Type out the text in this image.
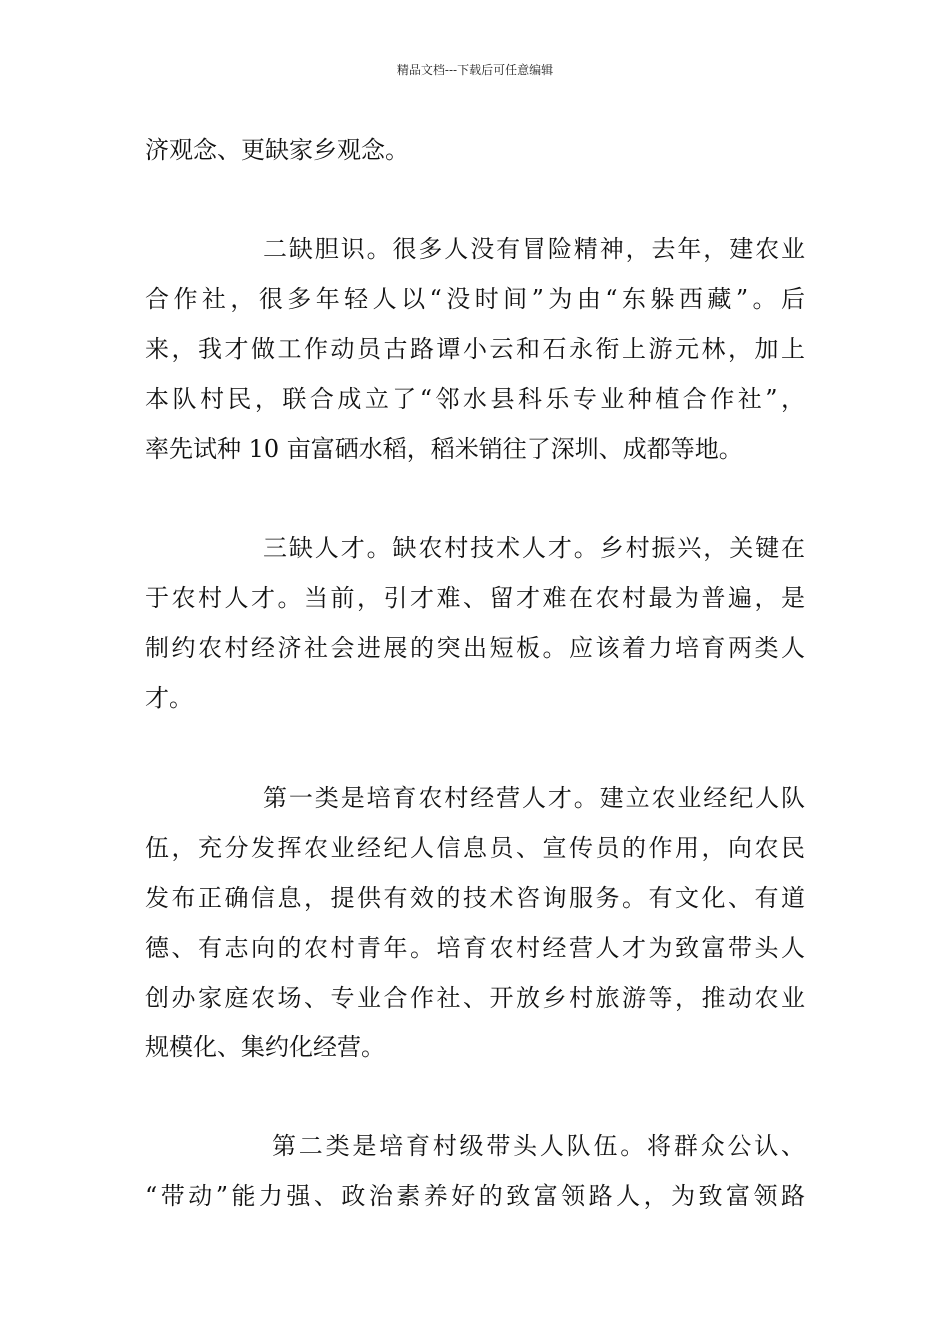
精品文档---下载后可任意编辑
济观念、更缺家乡观念。
二缺胆识。很多人没有冒险精神，去年，建农业
合作社，很多年轻人以“没时间”为由“东躲西藏”。后
来，我才做工作动员古路谭小云和石永衔上游元林，加上
本队村民，联合成立了“邻水县科乐专业种植合作社”，
率先试种 10 亩富硒水稻，稻米销往了深圳、成都等地。
三缺人才。缺农村技术人才。乡村振兴，关键在
于农村人才。当前，引才难、留才难在农村最为普遍，是
制约农村经济社会进展的突出短板。应该着力培育两类人
才。
第一类是培育农村经营人才。建立农业经纪人队
伍，充分发挥农业经纪人信息员、宣传员的作用，向农民
发布正确信息，提供有效的技术咨询服务。有文化、有道
德、有志向的农村青年。培育农村经营人才为致富带头人
创办家庭农场、专业合作社、开放乡村旅游等，推动农业
规模化、集约化经营。
第二类是培育村级带头人队伍。将群众公认、
“带动”能力强、政治素养好的致富领路人，为致富领路
